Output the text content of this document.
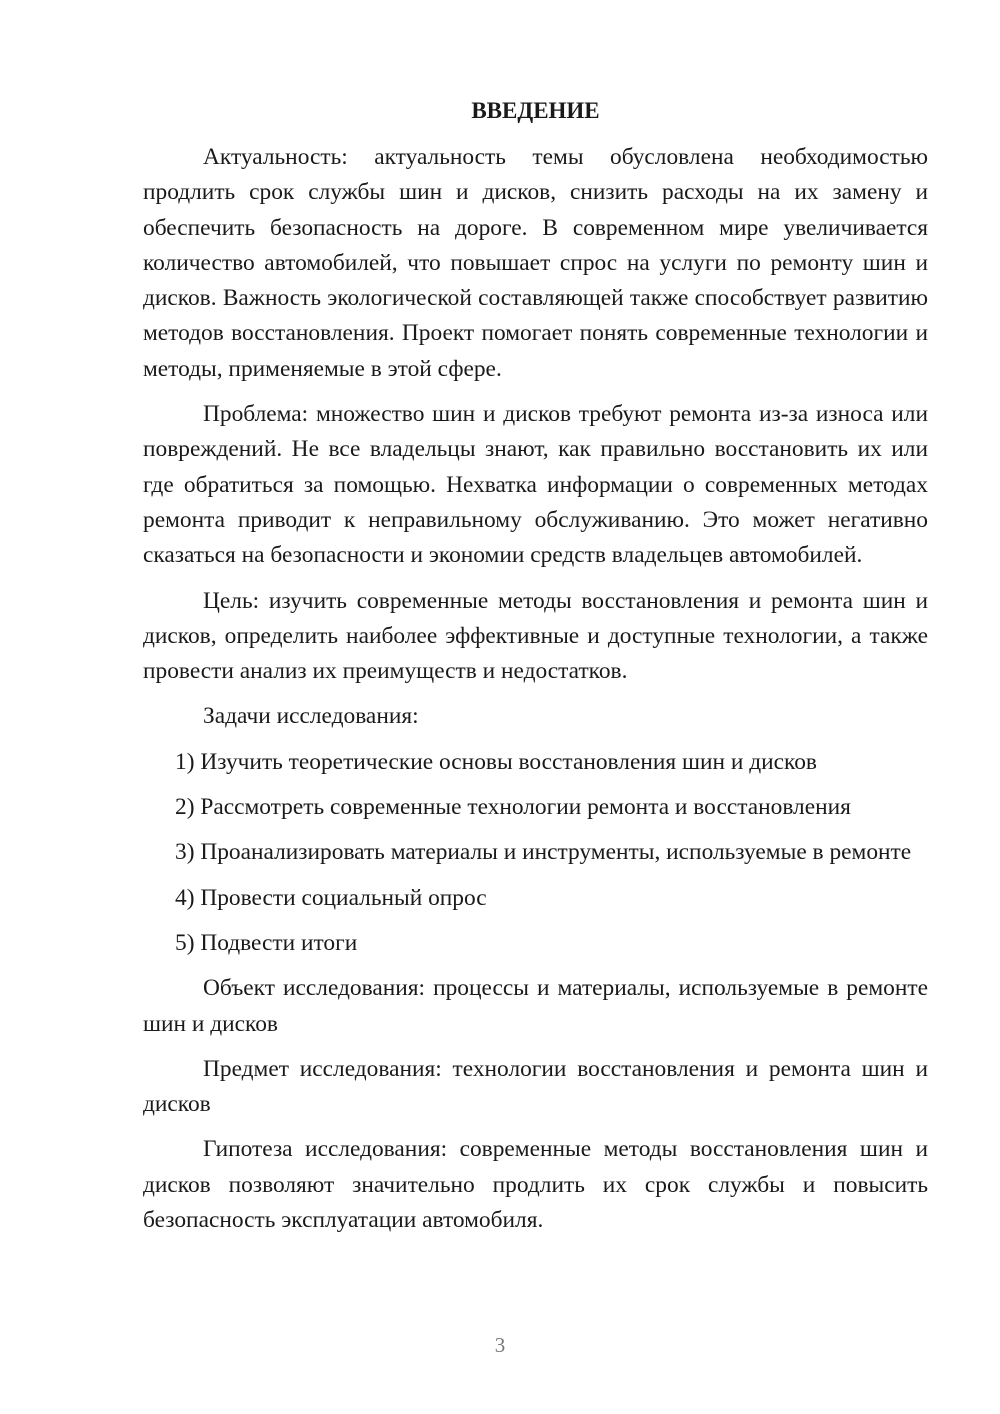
ВВЕДЕНИЕ

Актуальность: актуальность темы обусловлена необходимостью продлить срок службы шин и дисков, снизить расходы на их замену и обеспечить безопасность на дороге. В современном мире увеличивается количество автомобилей, что повышает спрос на услуги по ремонту шин и дисков. Важность экологической составляющей также способствует развитию методов восстановления. Проект помогает понять современные технологии и методы, применяемые в этой сфере.

Проблема: множество шин и дисков требуют ремонта из-за износа или повреждений. Не все владельцы знают, как правильно восстановить их или где обратиться за помощью. Нехватка информации о современных методах ремонта приводит к неправильному обслуживанию. Это может негативно сказаться на безопасности и экономии средств владельцев автомобилей.

Цель: изучить современные методы восстановления и ремонта шин и дисков, определить наиболее эффективные и доступные технологии, а также провести анализ их преимуществ и недостатков.

Задачи исследования:

1) Изучить теоретические основы восстановления шин и дисков

2) Рассмотреть современные технологии ремонта и восстановления

3) Проанализировать материалы и инструменты, используемые в ремонте

4) Провести социальный опрос

5) Подвести итоги

Объект исследования: процессы и материалы, используемые в ремонте шин и дисков

Предмет исследования: технологии восстановления и ремонта шин и дисков

Гипотеза исследования: современные методы восстановления шин и дисков позволяют значительно продлить их срок службы и повысить безопасность эксплуатации автомобиля.

3
